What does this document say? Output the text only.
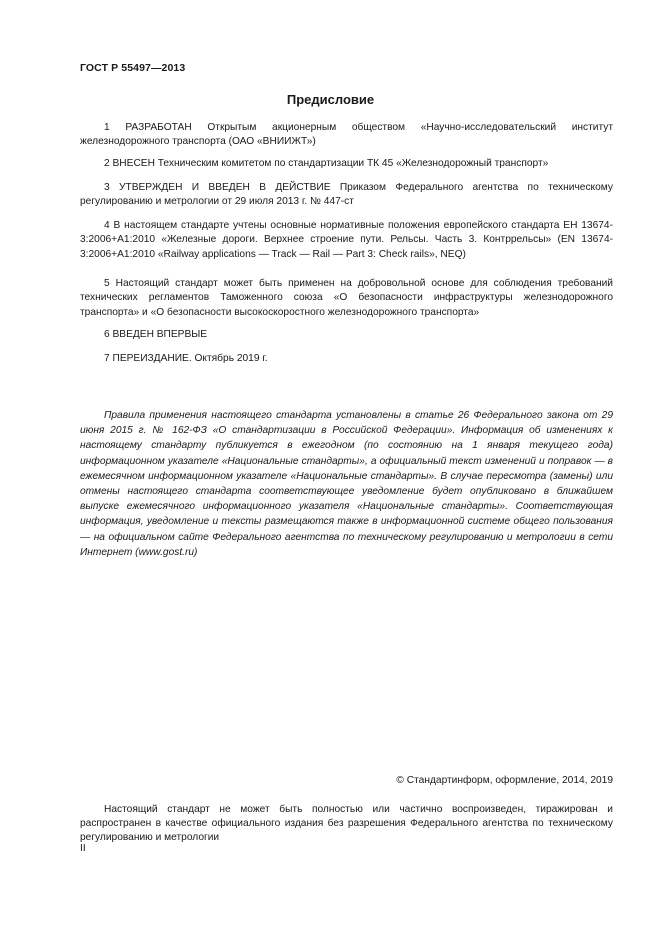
ГОСТ Р 55497—2013
Предисловие

1 РАЗРАБОТАН Открытым акционерным обществом «Научно-исследовательский институт железнодорожного транспорта (ОАО «ВНИИЖТ»)

2 ВНЕСЕН Техническим комитетом по стандартизации ТК 45 «Железнодорожный транспорт»

3 УТВЕРЖДЕН И ВВЕДЕН В ДЕЙСТВИЕ Приказом Федерального агентства по техническому регулированию и метрологии от 29 июля 2013 г. № 447-ст

4 В настоящем стандарте учтены основные нормативные положения европейского стандарта ЕН 13674-3:2006+А1:2010 «Железные дороги. Верхнее строение пути. Рельсы. Часть 3. Контррельсы» (EN 13674-3:2006+A1:2010 «Railway applications — Track — Rail — Part 3: Check rails», NEQ)

5 Настоящий стандарт может быть применен на добровольной основе для соблюдения требований технических регламентов Таможенного союза «О безопасности инфраструктуры железнодорожного транспорта» и «О безопасности высокоскоростного железнодорожного транспорта»

6 ВВЕДЕН ВПЕРВЫЕ

7 ПЕРЕИЗДАНИЕ. Октябрь 2019 г.

Правила применения настоящего стандарта установлены в статье 26 Федерального закона от 29 июня 2015 г. № 162-ФЗ «О стандартизации в Российской Федерации». Информация об изменениях к настоящему стандарту публикуется в ежегодном (по состоянию на 1 января текущего года) информационном указателе «Национальные стандарты», а официальный текст изменений и поправок — в ежемесячном информационном указателе «Национальные стандарты». В случае пересмотра (замены) или отмены настоящего стандарта соответствующее уведомление будет опубликовано в ближайшем выпуске ежемесячного информационного указателя «Национальные стандарты». Соответствующая информация, уведомление и тексты размещаются также в информационной системе общего пользования — на официальном сайте Федерального агентства по техническому регулированию и метрологии в сети Интернет (www.gost.ru)

© Стандартинформ, оформление, 2014, 2019

Настоящий стандарт не может быть полностью или частично воспроизведен, тиражирован и распространен в качестве официального издания без разрешения Федерального агентства по техническому регулированию и метрологии

II
